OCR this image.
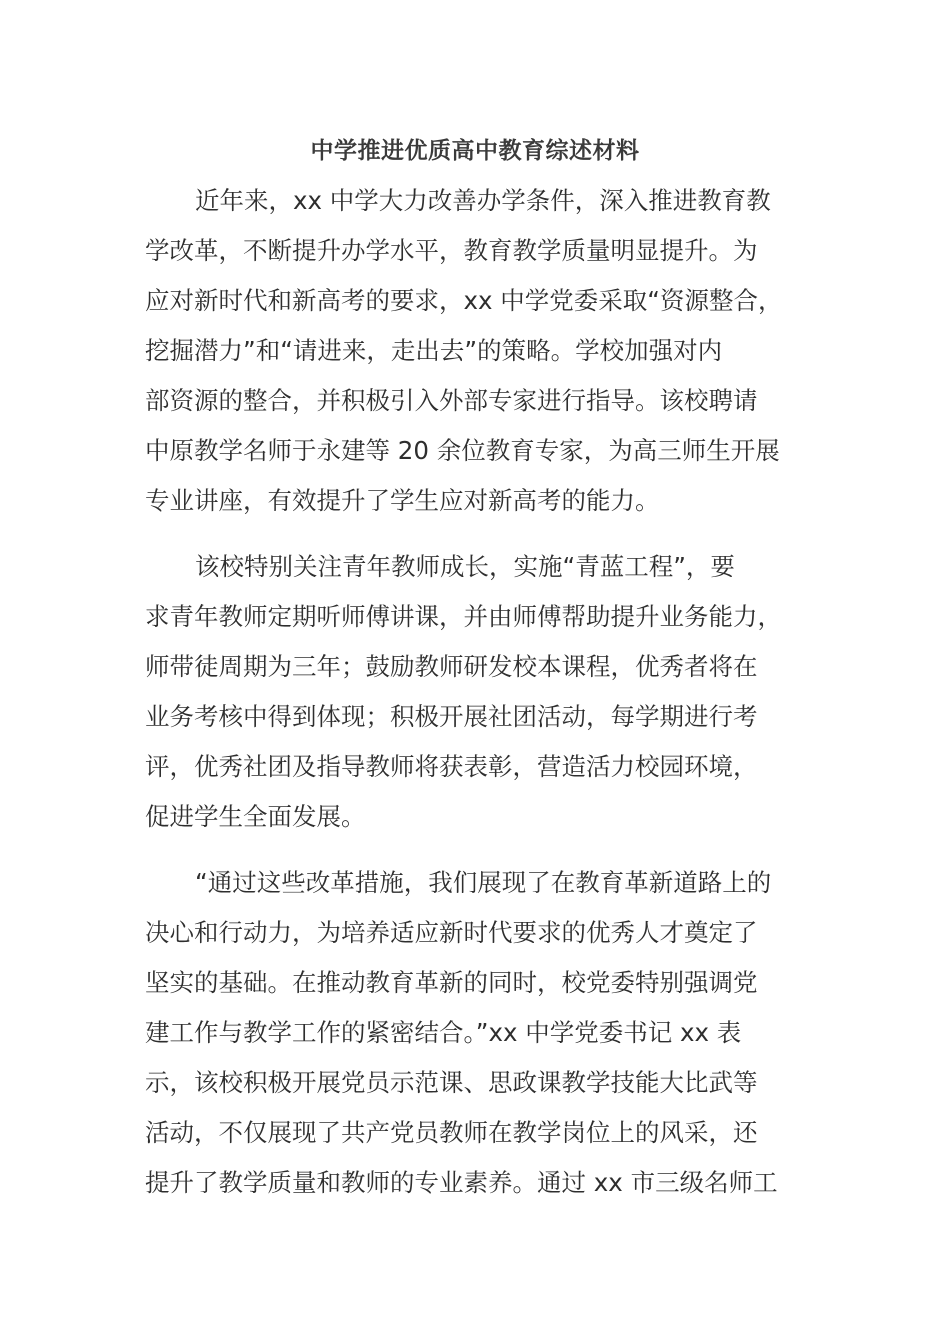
中学推进优质高中教育综述材料
近年来，xx 中学大力改善办学条件，深入推进教育教
学改革，不断提升办学水平，教育教学质量明显提升。为
应对新时代和新高考的要求，xx 中学党委采取“资源整合，
挖掘潜力”和“请进来，走出去”的策略。学校加强对内
部资源的整合，并积极引入外部专家进行指导。该校聘请
中原教学名师于永建等 20 余位教育专家，为高三师生开展
专业讲座，有效提升了学生应对新高考的能力。
该校特别关注青年教师成长，实施“青蓝工程”，要
求青年教师定期听师傅讲课，并由师傅帮助提升业务能力，
师带徒周期为三年；鼓励教师研发校本课程，优秀者将在
业务考核中得到体现；积极开展社团活动，每学期进行考
评，优秀社团及指导教师将获表彰，营造活力校园环境，
促进学生全面发展。
“通过这些改革措施，我们展现了在教育革新道路上的
决心和行动力，为培养适应新时代要求的优秀人才奠定了
坚实的基础。在推动教育革新的同时，校党委特别强调党
建工作与教学工作的紧密结合。”xx 中学党委书记 xx 表
示，该校积极开展党员示范课、思政课教学技能大比武等
活动，不仅展现了共产党员教师在教学岗位上的风采，还
提升了教学质量和教师的专业素养。通过 xx 市三级名师工
